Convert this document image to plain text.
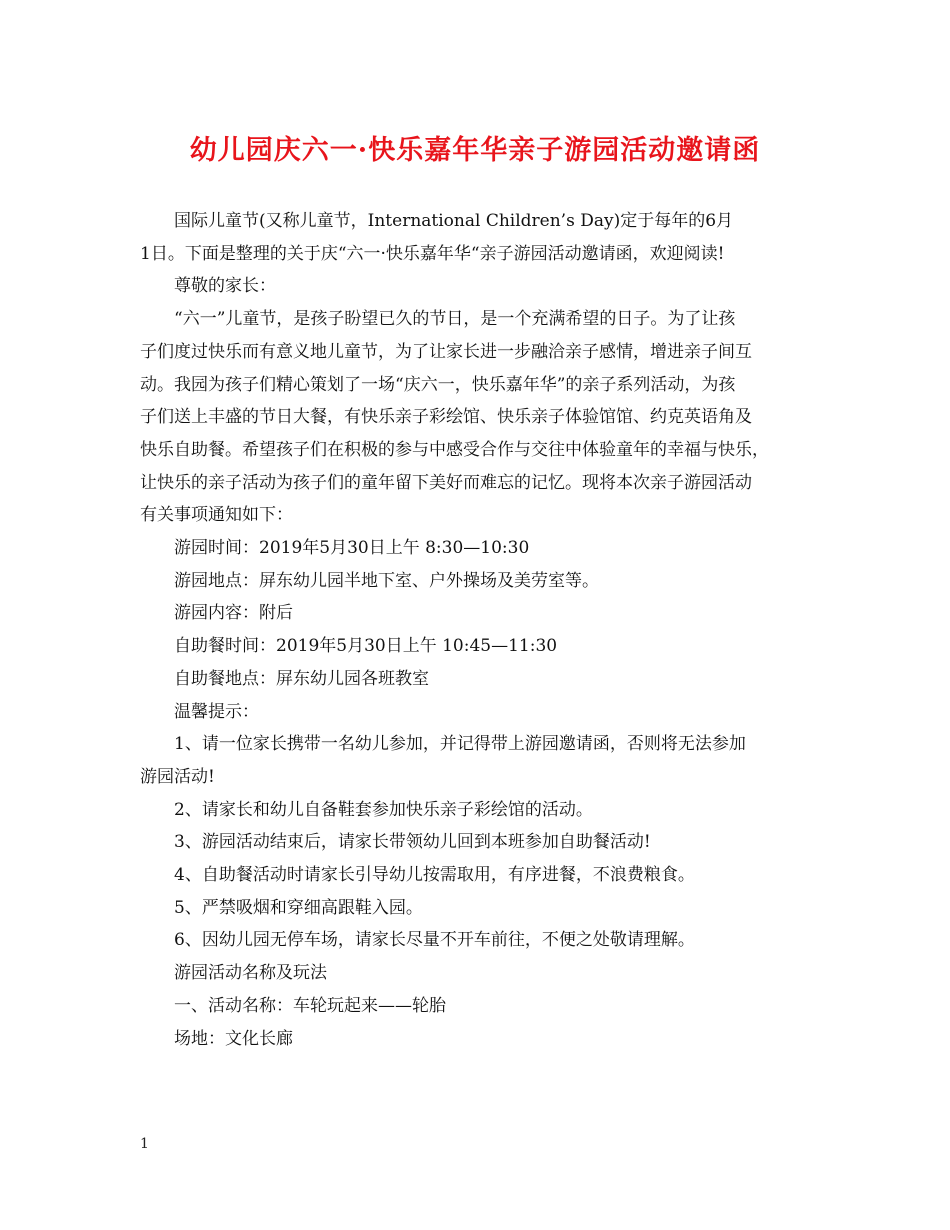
幼儿园庆六一·快乐嘉年华亲子游园活动邀请函

国际儿童节(又称儿童节，International Children’s Day)定于每年的6月
1日。下面是整理的关于庆“六一·快乐嘉年华“亲子游园活动邀请函，欢迎阅读!

尊敬的家长：

“六一”儿童节，是孩子盼望已久的节日，是一个充满希望的日子。为了让孩
子们度过快乐而有意义地儿童节，为了让家长进一步融洽亲子感情，增进亲子间互
动。我园为孩子们精心策划了一场“庆六一，快乐嘉年华”的亲子系列活动，为孩
子们送上丰盛的节日大餐，有快乐亲子彩绘馆、快乐亲子体验馆馆、约克英语角及
快乐自助餐。希望孩子们在积极的参与中感受合作与交往中体验童年的幸福与快乐，
让快乐的亲子活动为孩子们的童年留下美好而难忘的记忆。现将本次亲子游园活动
有关事项通知如下：

游园时间：2019年5月30日上午 8:30—10:30

游园地点：屏东幼儿园半地下室、户外操场及美劳室等。

游园内容：附后

自助餐时间：2019年5月30日上午 10:45—11:30

自助餐地点：屏东幼儿园各班教室

温馨提示：

1、请一位家长携带一名幼儿参加，并记得带上游园邀请函，否则将无法参加
游园活动!

2、请家长和幼儿自备鞋套参加快乐亲子彩绘馆的活动。

3、游园活动结束后，请家长带领幼儿回到本班参加自助餐活动!

4、自助餐活动时请家长引导幼儿按需取用，有序进餐，不浪费粮食。

5、严禁吸烟和穿细高跟鞋入园。

6、因幼儿园无停车场，请家长尽量不开车前往，不便之处敬请理解。

游园活动名称及玩法

一、活动名称：车轮玩起来——轮胎

场地：文化长廊

1
